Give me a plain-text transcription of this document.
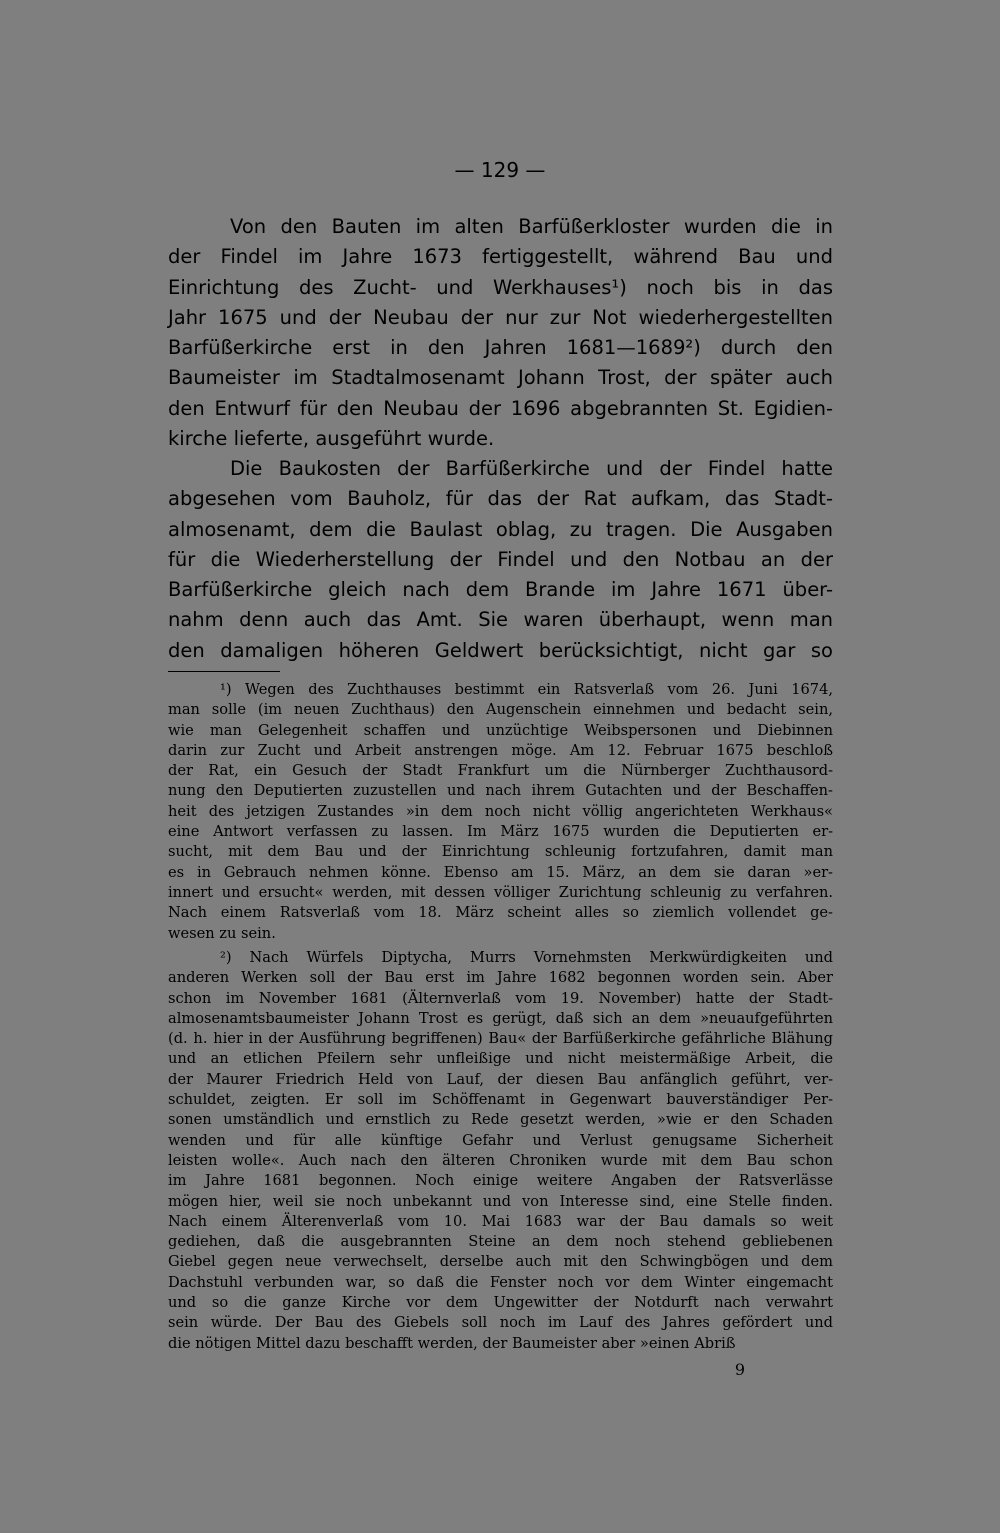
— 129 —
Von den Bauten im alten Barfüßerkloster wurden die in
der Findel im Jahre 1673 fertiggestellt, während Bau und
Einrichtung des Zucht- und Werkhauses¹) noch bis in das
Jahr 1675 und der Neubau der nur zur Not wiederhergestellten
Barfüßerkirche erst in den Jahren 1681—1689²) durch den
Baumeister im Stadtalmosenamt Johann Trost, der später auch
den Entwurf für den Neubau der 1696 abgebrannten St. Egidien-
kirche lieferte, ausgeführt wurde.
Die Baukosten der Barfüßerkirche und der Findel hatte
abgesehen vom Bauholz, für das der Rat aufkam, das Stadt-
almosenamt, dem die Baulast oblag, zu tragen. Die Ausgaben
für die Wiederherstellung der Findel und den Notbau an der
Barfüßerkirche gleich nach dem Brande im Jahre 1671 über-
nahm denn auch das Amt. Sie waren überhaupt, wenn man
den damaligen höheren Geldwert berücksichtigt, nicht gar so
¹) Wegen des Zuchthauses bestimmt ein Ratsverlaß vom 26. Juni 1674,
man solle (im neuen Zuchthaus) den Augenschein einnehmen und bedacht sein,
wie man Gelegenheit schaffen und unzüchtige Weibspersonen und Diebinnen
darin zur Zucht und Arbeit anstrengen möge. Am 12. Februar 1675 beschloß
der Rat, ein Gesuch der Stadt Frankfurt um die Nürnberger Zuchthausord-
nung den Deputierten zuzustellen und nach ihrem Gutachten und der Beschaffen-
heit des jetzigen Zustandes »in dem noch nicht völlig angerichteten Werkhaus«
eine Antwort verfassen zu lassen. Im März 1675 wurden die Deputierten er-
sucht, mit dem Bau und der Einrichtung schleunig fortzufahren, damit man
es in Gebrauch nehmen könne. Ebenso am 15. März, an dem sie daran »er-
innert und ersucht« werden, mit dessen völliger Zurichtung schleunig zu verfahren.
Nach einem Ratsverlaß vom 18. März scheint alles so ziemlich vollendet ge-
wesen zu sein.
²) Nach Würfels Diptycha, Murrs Vornehmsten Merkwürdigkeiten und
anderen Werken soll der Bau erst im Jahre 1682 begonnen worden sein. Aber
schon im November 1681 (Älternverlaß vom 19. November) hatte der Stadt-
almosenamtsbaumeister Johann Trost es gerügt, daß sich an dem »neuaufgeführten
(d. h. hier in der Ausführung begriffenen) Bau« der Barfüßerkirche gefährliche Blähung
und an etlichen Pfeilern sehr unfleißige und nicht meistermäßige Arbeit, die
der Maurer Friedrich Held von Lauf, der diesen Bau anfänglich geführt, ver-
schuldet, zeigten. Er soll im Schöffenamt in Gegenwart bauverständiger Per-
sonen umständlich und ernstlich zu Rede gesetzt werden, »wie er den Schaden
wenden und für alle künftige Gefahr und Verlust genugsame Sicherheit
leisten wolle«. Auch nach den älteren Chroniken wurde mit dem Bau schon
im Jahre 1681 begonnen. Noch einige weitere Angaben der Ratsverlässe
mögen hier, weil sie noch unbekannt und von Interesse sind, eine Stelle finden.
Nach einem Älterenverlaß vom 10. Mai 1683 war der Bau damals so weit
gediehen, daß die ausgebrannten Steine an dem noch stehend gebliebenen
Giebel gegen neue verwechselt, derselbe auch mit den Schwingbögen und dem
Dachstuhl verbunden war, so daß die Fenster noch vor dem Winter eingemacht
und so die ganze Kirche vor dem Ungewitter der Notdurft nach verwahrt
sein würde. Der Bau des Giebels soll noch im Lauf des Jahres gefördert und
die nötigen Mittel dazu beschafft werden, der Baumeister aber »einen Abriß
9
